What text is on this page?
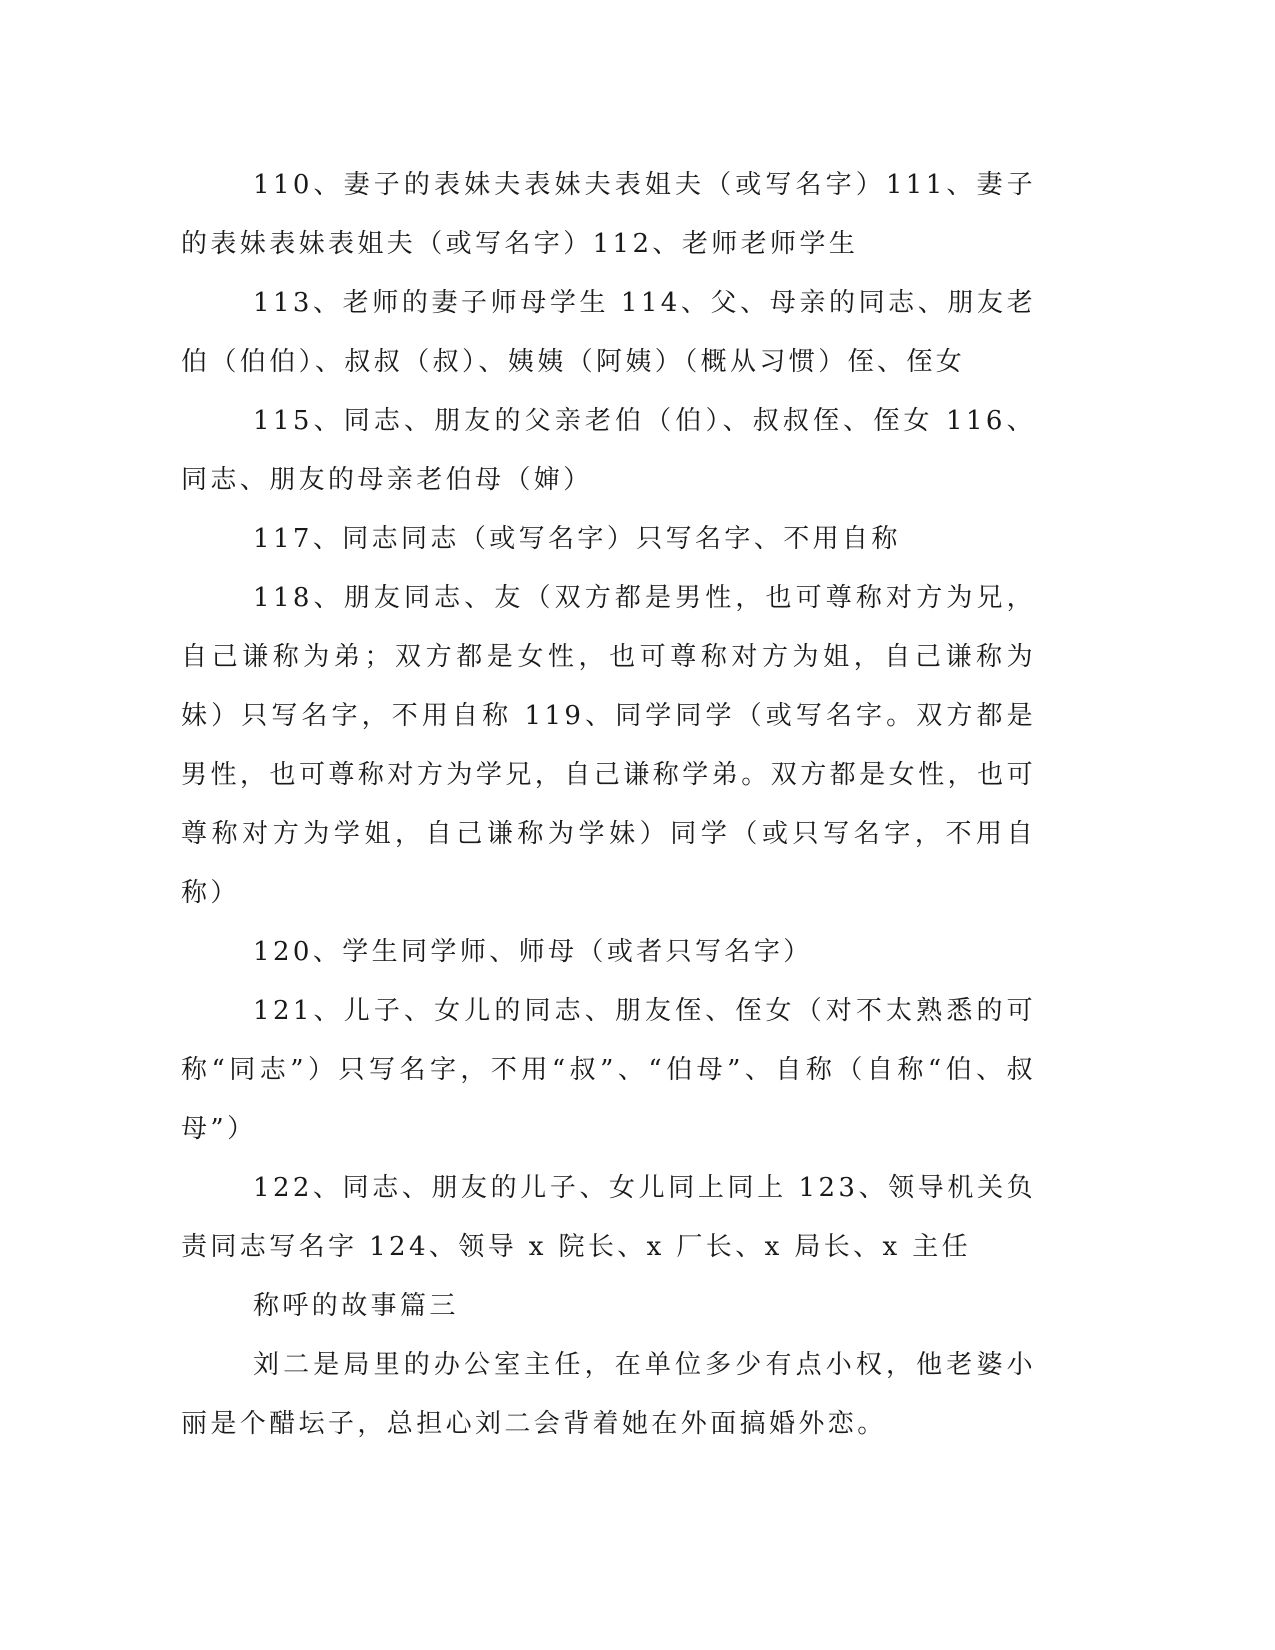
110、妻子的表妹夫表妹夫表姐夫（或写名字）111、妻子的表妹表妹表姐夫（或写名字）112、老师老师学生

113、老师的妻子师母学生 114、父、母亲的同志、朋友老伯（伯伯）、叔叔（叔）、姨姨（阿姨）（概从习惯）侄、侄女

115、同志、朋友的父亲老伯（伯）、叔叔侄、侄女 116、同志、朋友的母亲老伯母（婶）

117、同志同志（或写名字）只写名字、不用自称

118、朋友同志、友（双方都是男性，也可尊称对方为兄，自己谦称为弟；双方都是女性，也可尊称对方为姐，自己谦称为妹）只写名字，不用自称 119、同学同学（或写名字。双方都是男性，也可尊称对方为学兄，自己谦称学弟。双方都是女性，也可尊称对方为学姐，自己谦称为学妹）同学（或只写名字，不用自称）

120、学生同学师、师母（或者只写名字）

121、儿子、女儿的同志、朋友侄、侄女（对不太熟悉的可称“同志”）只写名字，不用“叔”、“伯母”、自称（自称“伯、叔母”）

122、同志、朋友的儿子、女儿同上同上 123、领导机关负责同志写名字 124、领导 x 院长、x 厂长、x 局长、x 主任

称呼的故事篇三

刘二是局里的办公室主任，在单位多少有点小权，他老婆小丽是个醋坛子，总担心刘二会背着她在外面搞婚外恋。
